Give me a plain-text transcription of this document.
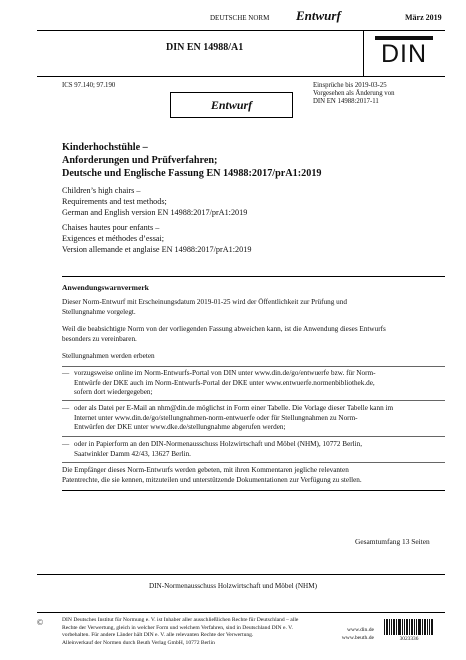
DEUTSCHE NORM Entwurf	März 2019
DIN EN 14988/A1	DIN
ICS 97.140; 97.190	Einsprüche bis 2019-03-25
Vorgesehen als Änderung von
DIN EN 14988:2017-11
Entwurf
Kinderhochstühle –
Anforderungen und Prüfverfahren;
Deutsche und Englische Fassung EN 14988:2017/prA1:2019
Children’s high chairs –
Requirements and test methods;
German and English version EN 14988:2017/prA1:2019
Chaises hautes pour enfants –
Exigences et méthodes d’essai;
Version allemande et anglaise EN 14988:2017/prA1:2019
Anwendungswarnvermerk
Dieser Norm-Entwurf mit Erscheinungsdatum 2019-01-25 wird der Öffentlichkeit zur Prüfung und
Stellungnahme vorgelegt.
Weil die beabsichtigte Norm von der vorliegenden Fassung abweichen kann, ist die Anwendung dieses Entwurfs
besonders zu vereinbaren.
Stellungnahmen werden erbeten
— vorzugsweise online im Norm-Entwurfs-Portal von DIN unter www.din.de/go/entwuerfe bzw. für Norm-
Entwürfe der DKE auch im Norm-Entwurfs-Portal der DKE unter www.entwuerfe.normenbibliothek.de,
sofern dort wiedergegeben;
— oder als Datei per E-Mail an nhm@din.de möglichst in Form einer Tabelle. Die Vorlage dieser Tabelle kann im
Internet unter www.din.de/go/stellungnahmen-norm-entwuerfe oder für Stellungnahmen zu Norm-
Entwürfen der DKE unter www.dke.de/stellungnahme abgerufen werden;
— oder in Papierform an den DIN-Normenausschuss Holzwirtschaft und Möbel (NHM), 10772 Berlin,
Saatwinkler Damm 42/43, 13627 Berlin.
Die Empfänger dieses Norm-Entwurfs werden gebeten, mit ihren Kommentaren jegliche relevanten
Patentrechte, die sie kennen, mitzuteilen und unterstützende Dokumentationen zur Verfügung zu stellen.
Gesamtumfang 13 Seiten
DIN-Normenausschuss Holzwirtschaft und Möbel (NHM)
©	DIN Deutsches Institut für Normung e. V. ist Inhaber aller ausschließlichen Rechte für Deutschland – alle
Rechte der Verwertung, gleich in welcher Form und welchem Verfahren, sind in Deutschland DIN e. V.
vorbehalten. Für andere Länder hält DIN e. V. alle relevanten Rechte der Verwertung.
Alleinverkauf der Normen durch Beuth Verlag GmbH, 10772 Berlin
www.din.de
www.beuth.de	3023336
